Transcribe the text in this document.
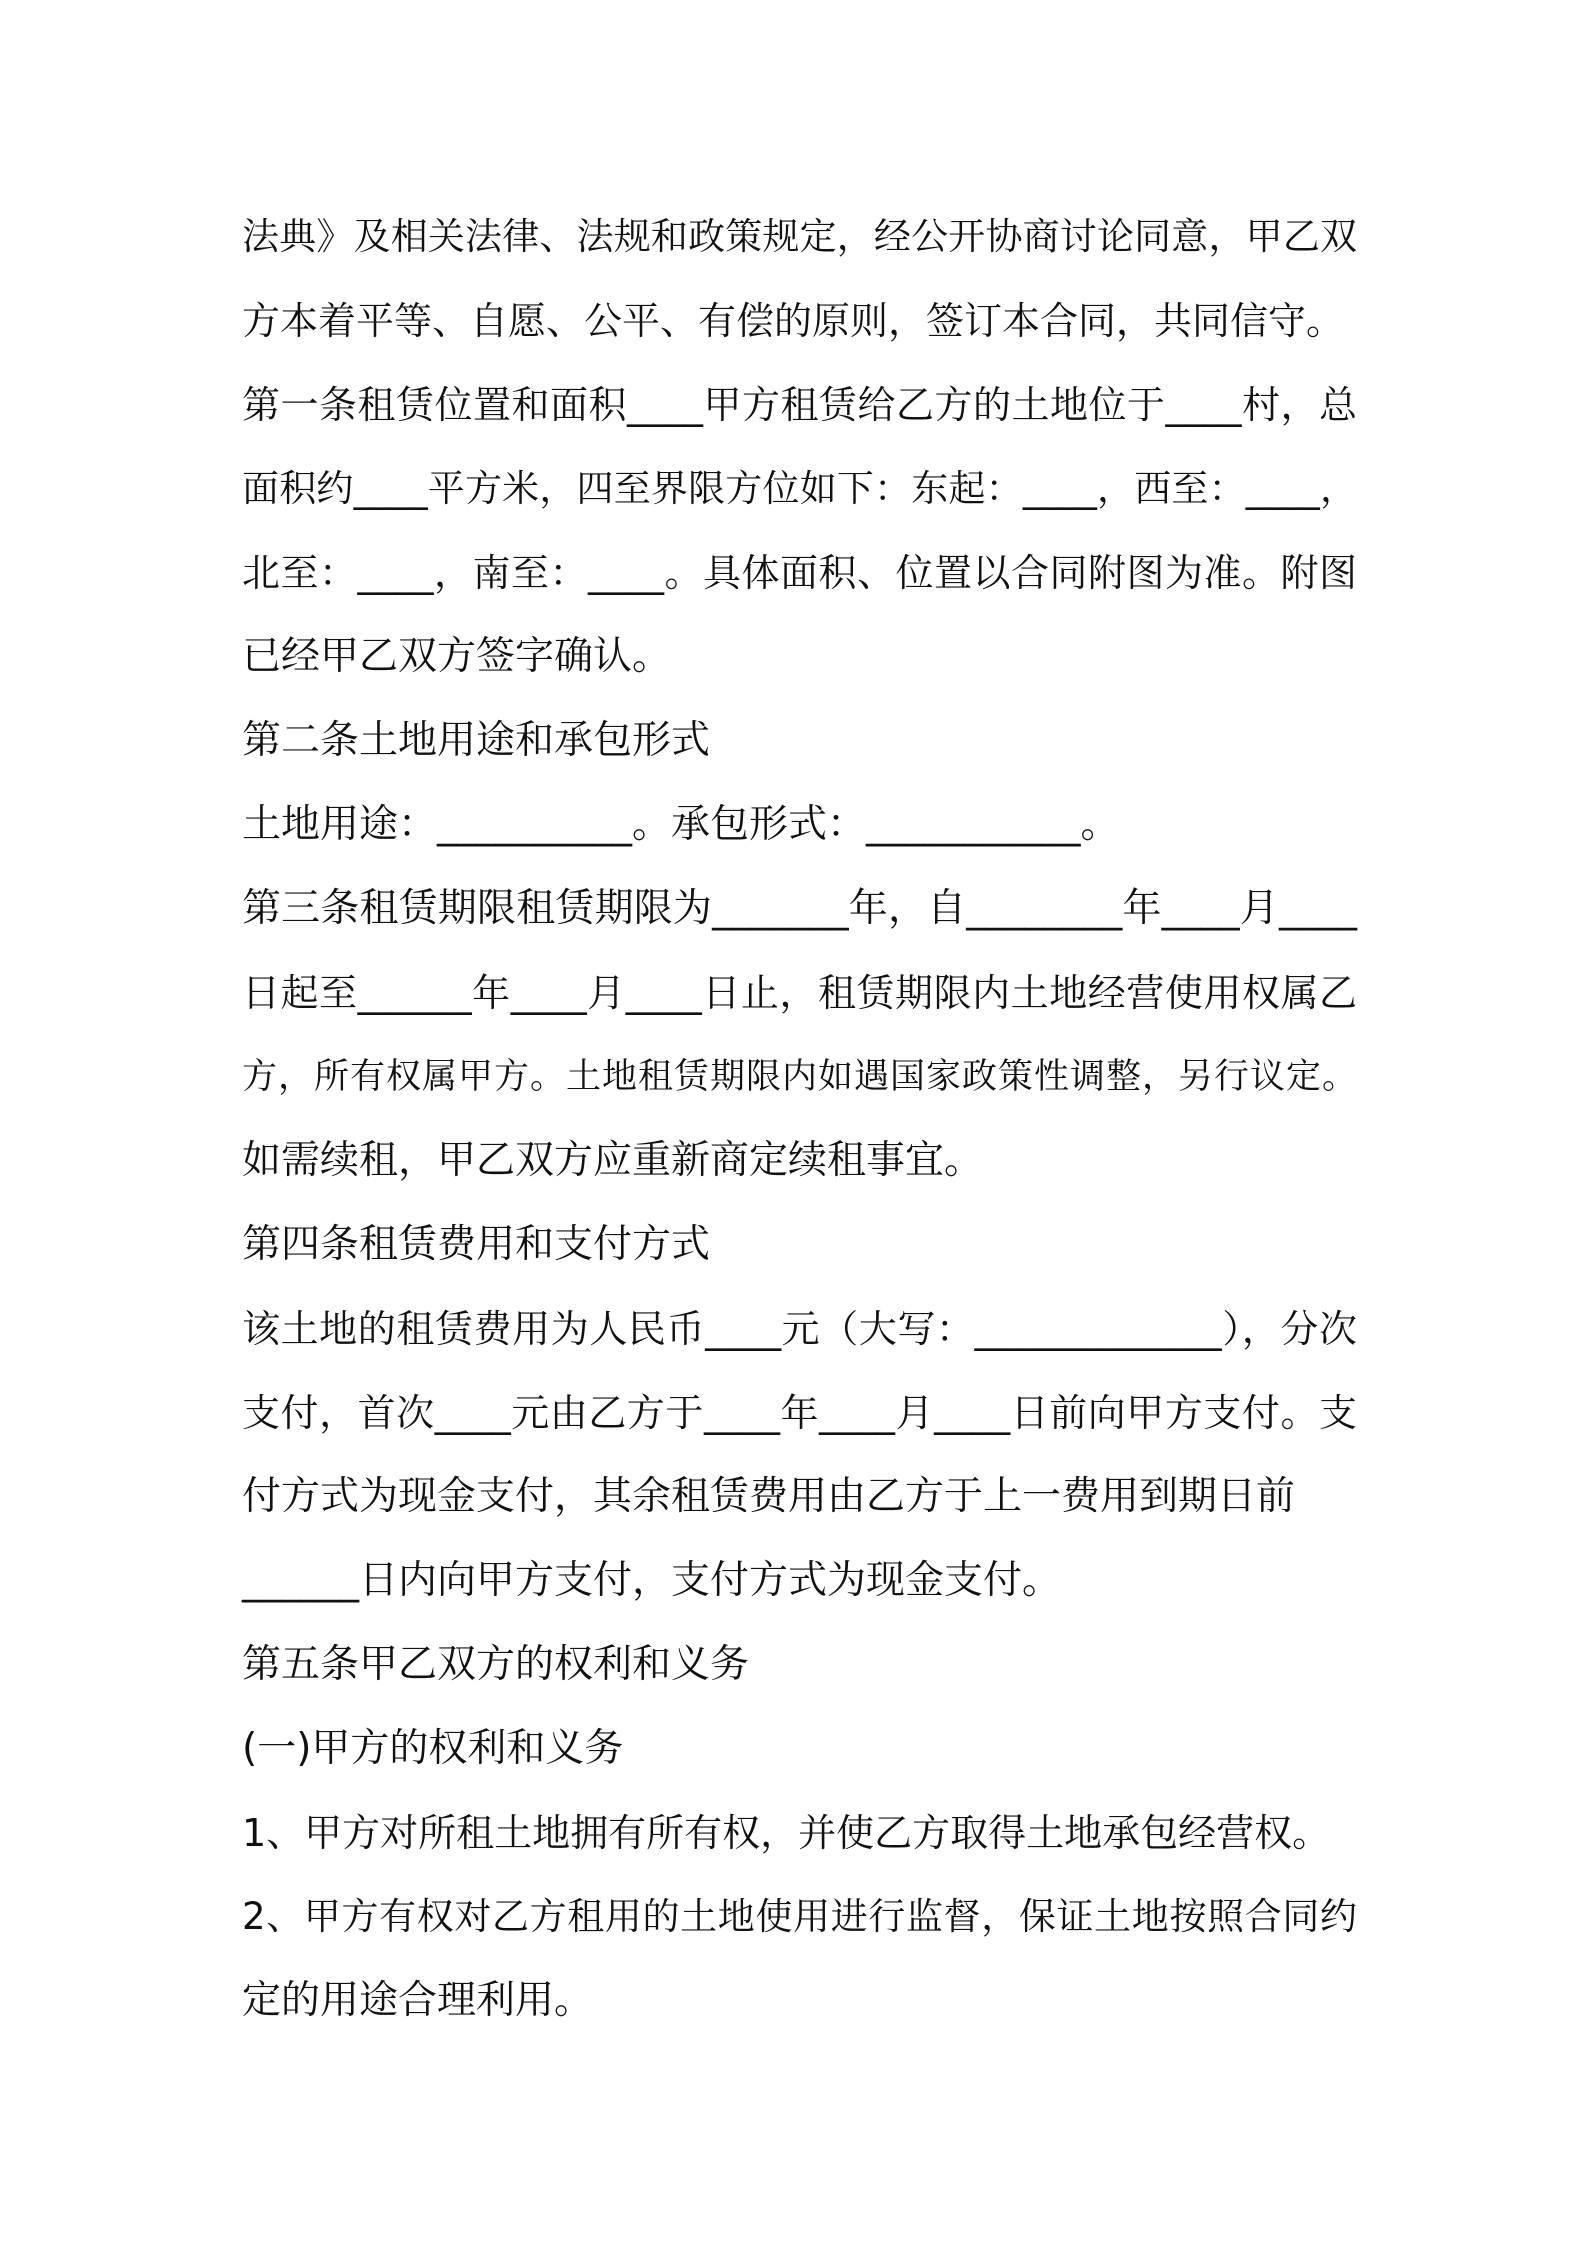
法典》及相关法律、法规和政策规定，经公开协商讨论同意，甲乙双
方本着平等、自愿、公平、有偿的原则，签订本合同，共同信守。
第一条租赁位置和面积____甲方租赁给乙方的土地位于____村，总
面积约____平方米，四至界限方位如下：东起：____，西至：____，
北至：____，南至：____。具体面积、位置以合同附图为准。附图
已经甲乙双方签字确认。
第二条土地用途和承包形式
土地用途：__________。承包形式：___________。
第三条租赁期限租赁期限为_______年，自________年____月____
日起至______年____月____日止，租赁期限内土地经营使用权属乙
方，所有权属甲方。土地租赁期限内如遇国家政策性调整，另行议定。
如需续租，甲乙双方应重新商定续租事宜。
第四条租赁费用和支付方式
该土地的租赁费用为人民币____元（大写：_____________），分次
支付，首次____元由乙方于____年____月____日前向甲方支付。支
付方式为现金支付，其余租赁费用由乙方于上一费用到期日前
______日内向甲方支付，支付方式为现金支付。
第五条甲乙双方的权利和义务
(一)甲方的权利和义务
1、甲方对所租土地拥有所有权，并使乙方取得土地承包经营权。
2、甲方有权对乙方租用的土地使用进行监督，保证土地按照合同约
定的用途合理利用。
